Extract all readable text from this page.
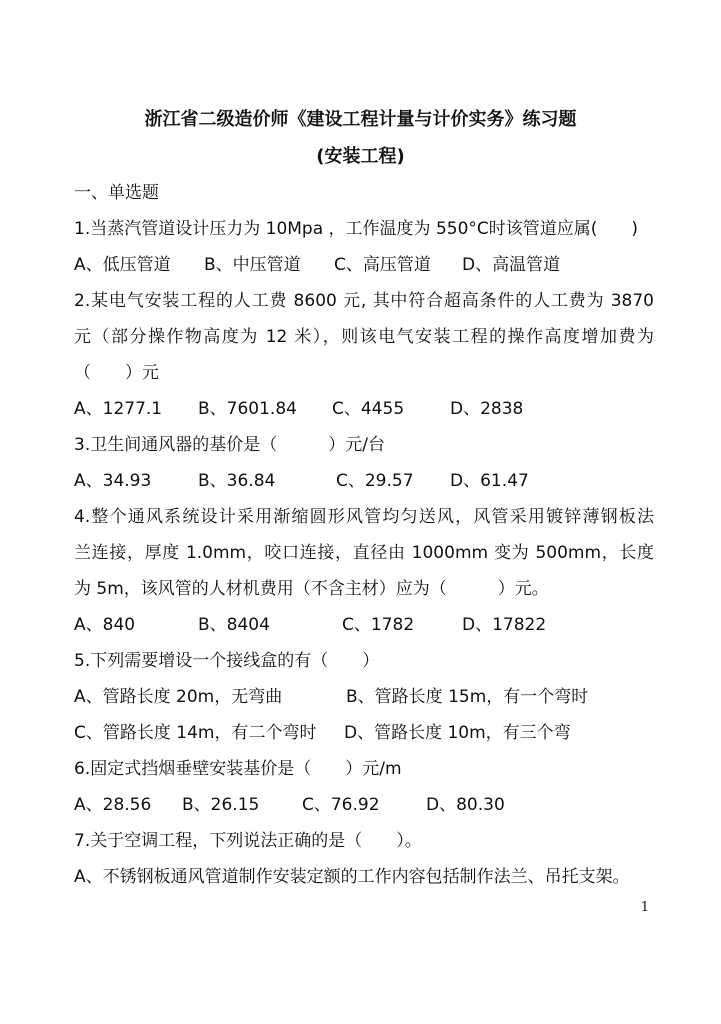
浙江省二级造价师《建设工程计量与计价实务》练习题
(安装工程)
一、单选题
1.当蒸汽管道设计压力为 10Mpa ，工作温度为 550°C时该管道应属(　　)
A、低压管道 B、中压管道 C、高压管道 D、高温管道
2.某电气安装工程的人工费 8600 元, 其中符合超高条件的人工费为 3870
元（部分操作物高度为 12 米），则该电气安装工程的操作高度增加费为
（　　）元
A、1277.1 B、7601.84 C、4455	D、2838
3.卫生间通风器的基价是（　　　）元/台
A、34.93	B、36.84	C、29.57 D、61.47
4.整个通风系统设计采用渐缩圆形风管均匀送风，风管采用镀锌薄钢板法
兰连接，厚度 1.0mm，咬口连接，直径由 1000mm 变为 500mm，长度
为 5m，该风管的人材机费用（不含主材）应为（　　　）元。
A、840	B、8404	C、1782	D、17822
5.下列需要增设一个接线盒的有（　　）
A、管路长度 20m，无弯曲	B、管路长度 15m，有一个弯时
C、管路长度 14m，有二个弯时 D、管路长度 10m，有三个弯
6.固定式挡烟垂壁安装基价是（　　）元/m
A、28.56 B、26.15	C、76.92	D、80.30
7.关于空调工程，下列说法正确的是（　　）。
A、不锈钢板通风管道制作安装定额的工作内容包括制作法兰、吊托支架。
1
